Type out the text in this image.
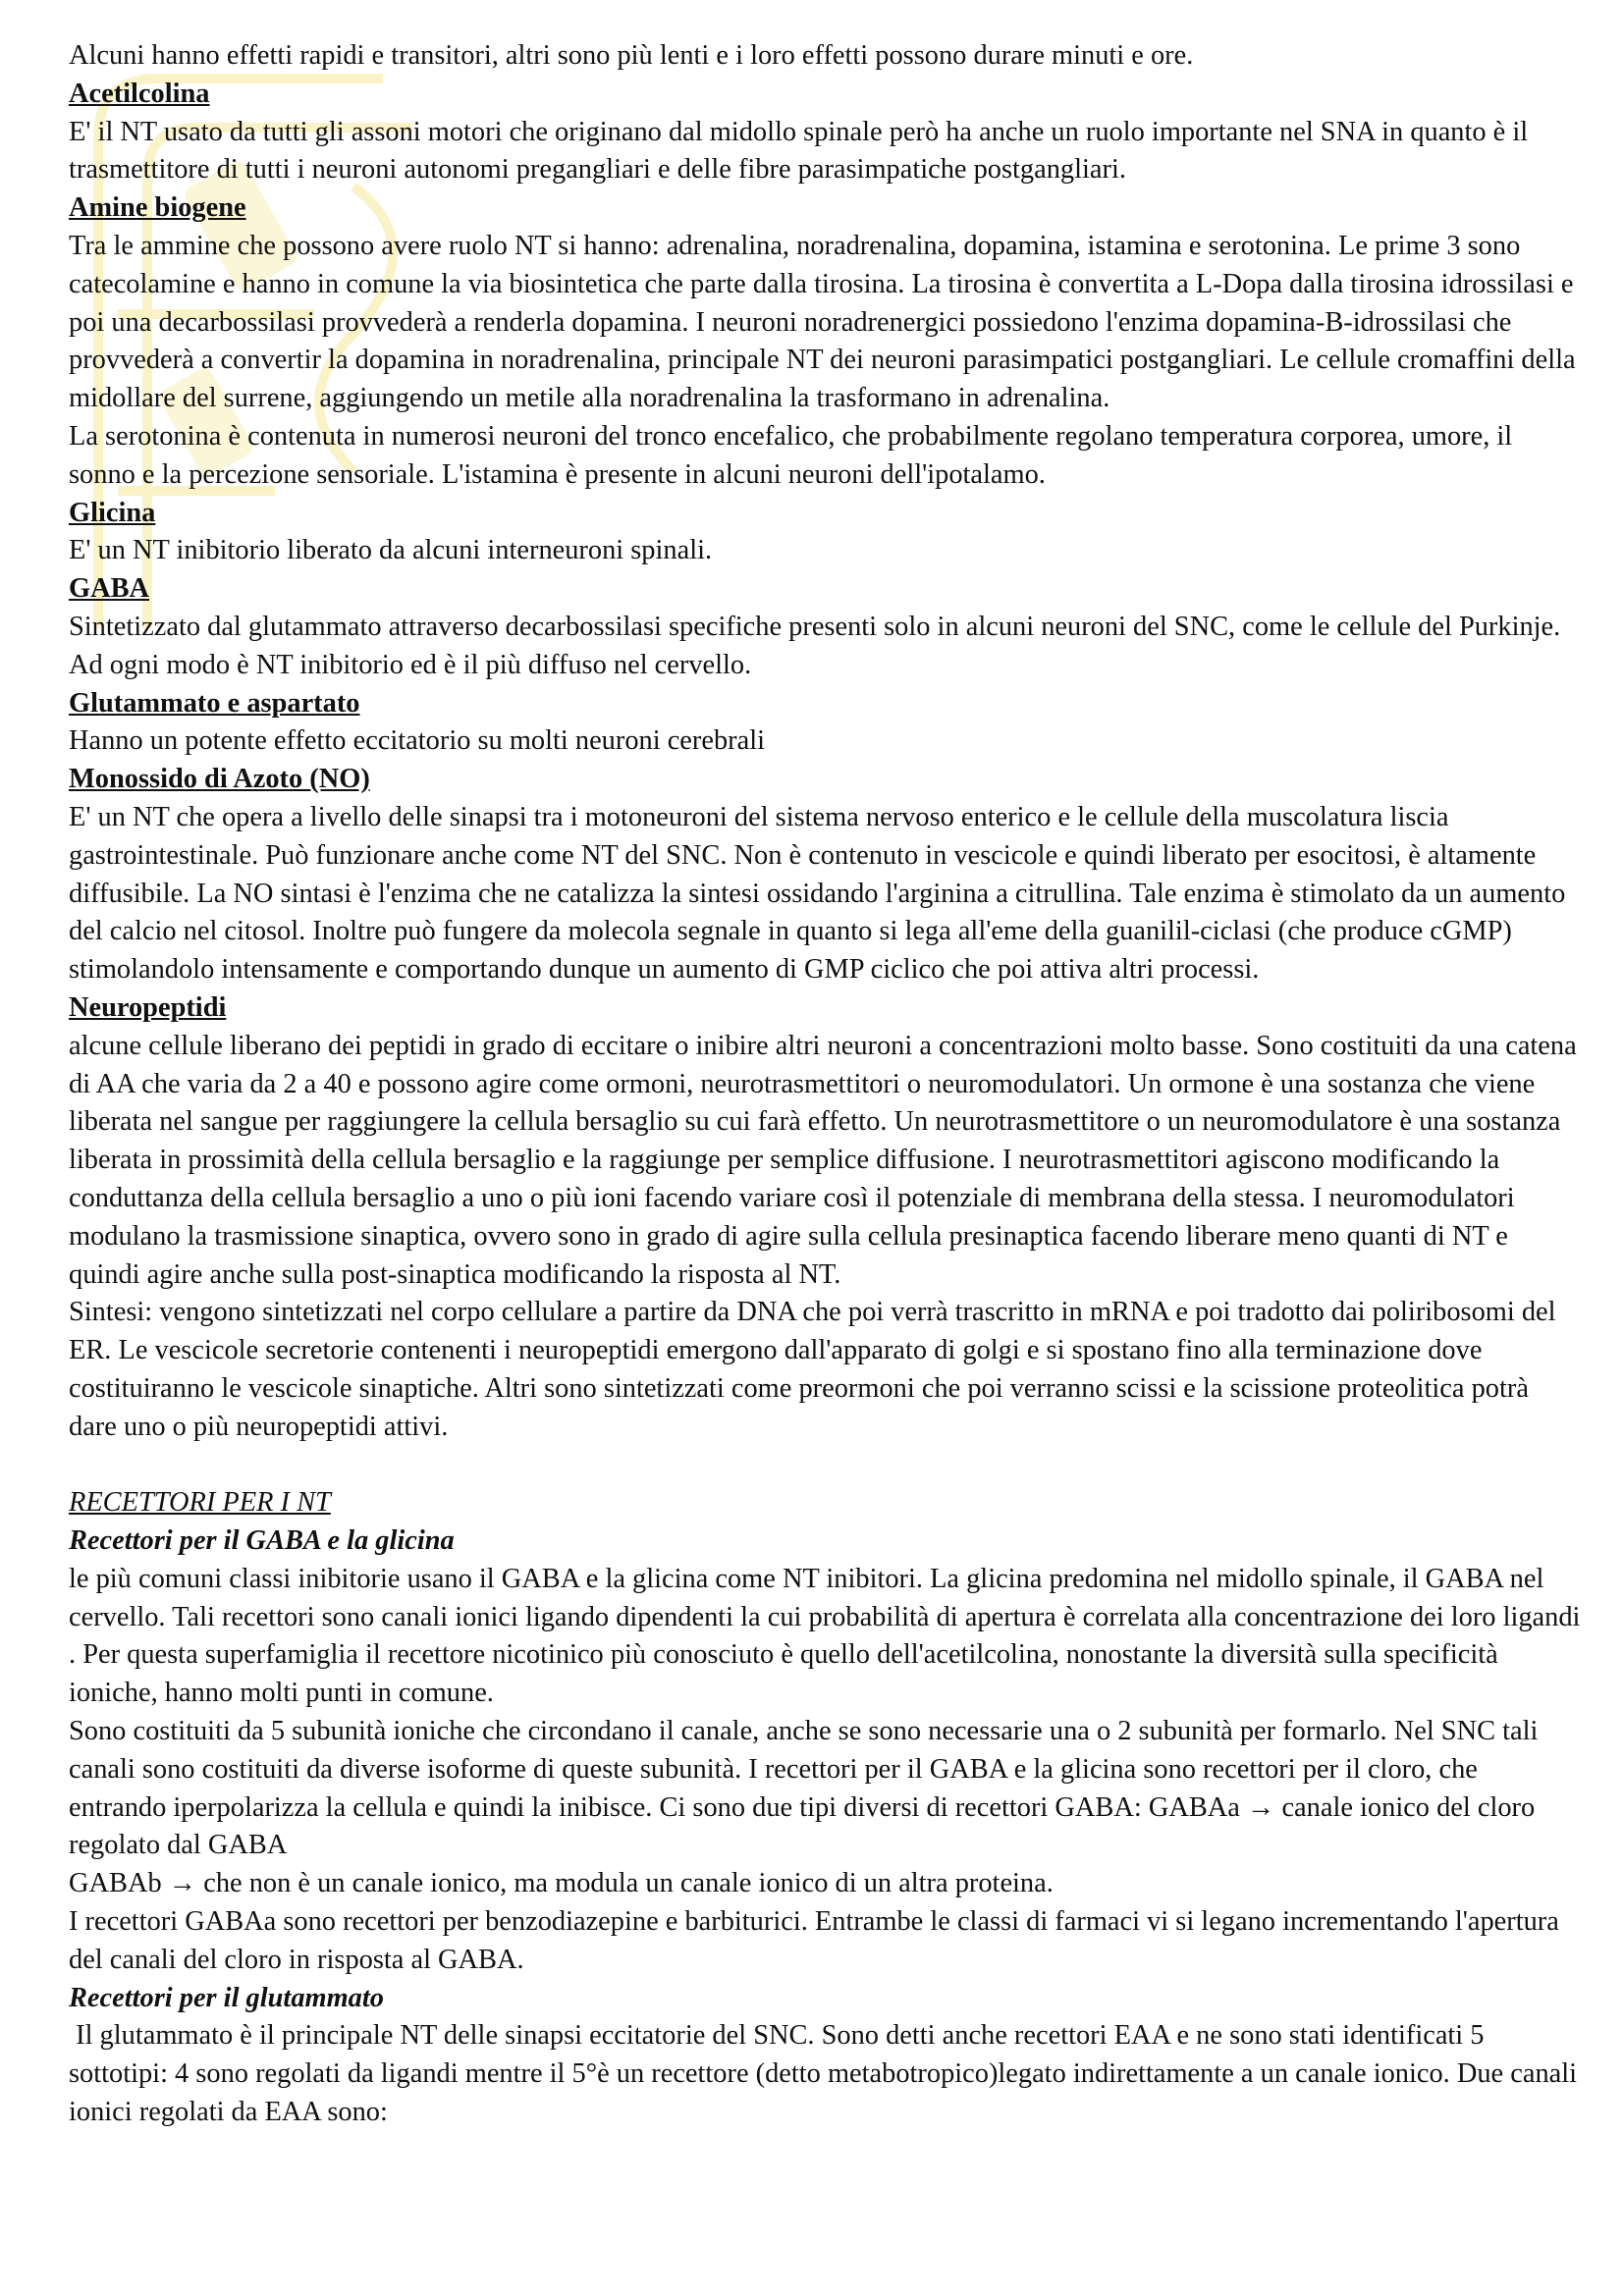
Alcuni hanno effetti rapidi e transitori, altri sono più lenti e i loro effetti possono durare minuti e ore.

Acetilcolina

E' il NT usato da tutti gli assoni motori che originano dal midollo spinale però ha anche un ruolo importante nel SNA in quanto è il trasmettitore di tutti i neuroni autonomi pregangliari e delle fibre parasimpatiche postgangliari.

Amine biogene

Tra le ammine che possono avere ruolo NT si hanno: adrenalina, noradrenalina, dopamina, istamina e serotonina. Le prime 3 sono catecolamine e hanno in comune la via biosintetica che parte dalla tirosina. La tirosina è convertita a L-Dopa dalla tirosina idrossilasi e poi una decarbossilasi provvederà a renderla dopamina. I neuroni noradrenergici possiedono l'enzima dopamina-B-idrossilasi che provvederà a convertir la dopamina in noradrenalina, principale NT dei neuroni parasimpatici postgangliari. Le cellule cromaffini della midollare del surrene, aggiungendo un metile alla noradrenalina la trasformano in adrenalina.

La serotonina è contenuta in numerosi neuroni del tronco encefalico, che probabilmente regolano temperatura corporea, umore, il sonno e la percezione sensoriale. L'istamina è presente in alcuni neuroni dell'ipotalamo.

Glicina

E' un NT inibitorio liberato da alcuni interneuroni spinali.

GABA

Sintetizzato dal glutammato attraverso decarbossilasi specifiche presenti solo in alcuni neuroni del SNC, come le cellule del Purkinje. Ad ogni modo è NT inibitorio ed è il più diffuso nel cervello.

Glutammato e aspartato

Hanno un potente effetto eccitatorio su molti neuroni cerebrali

Monossido di Azoto (NO)

E' un NT che opera a livello delle sinapsi tra i motoneuroni del sistema nervoso enterico e le cellule della muscolatura liscia gastrointestinale. Può funzionare anche come NT del SNC. Non è contenuto in vescicole e quindi liberato per esocitosi, è altamente diffusibile. La NO sintasi è l'enzima che ne catalizza la sintesi ossidando l'arginina a citrullina. Tale enzima è stimolato da un aumento del calcio nel citosol. Inoltre può fungere da molecola segnale in quanto si lega all'eme della guanilil-ciclasi (che produce cGMP) stimolandolo intensamente e comportando dunque un aumento di GMP ciclico che poi attiva altri processi.

Neuropeptidi

alcune cellule liberano dei peptidi in grado di eccitare o inibire altri neuroni a concentrazioni molto basse. Sono costituiti da una catena di AA che varia da 2 a 40 e possono agire come ormoni, neurotrasmettitori o neuromodulatori. Un ormone è una sostanza che viene liberata nel sangue per raggiungere la cellula bersaglio su cui farà effetto. Un neurotrasmettitore o un neuromodulatore è una sostanza liberata in prossimità della cellula bersaglio e la raggiunge per semplice diffusione. I neurotrasmettitori agiscono modificando la conduttanza della cellula bersaglio a uno o più ioni facendo variare così il potenziale di membrana della stessa. I neuromodulatori modulano la trasmissione sinaptica, ovvero sono in grado di agire sulla cellula presinaptica facendo liberare meno quanti di NT e quindi agire anche sulla post-sinaptica modificando la risposta al NT.

Sintesi: vengono sintetizzati nel corpo cellulare a partire da DNA che poi verrà trascritto in mRNA e poi tradotto dai poliribosomi del ER. Le vescicole secretorie contenenti i neuropeptidi emergono dall'apparato di golgi e si spostano fino alla terminazione dove costituiranno le vescicole sinaptiche. Altri sono sintetizzati come preormoni che poi verranno scissi e la scissione proteolitica potrà dare uno o più neuropeptidi attivi.

RECETTORI PER I NT
Recettori per il GABA e la glicina

le più comuni classi inibitorie usano il GABA e la glicina come NT inibitori. La glicina predomina nel midollo spinale, il GABA nel cervello. Tali recettori sono canali ionici ligando dipendenti la cui probabilità di apertura è correlata alla concentrazione dei loro ligandi . Per questa superfamiglia il recettore nicotinico più conosciuto è quello dell'acetilcolina, nonostante la diversità sulla specificità ioniche, hanno molti punti in comune.

Sono costituiti da 5 subunità ioniche che circondano il canale, anche se sono necessarie una o 2 subunità per formarlo. Nel SNC tali canali sono costituiti da diverse isoforme di queste subunità. I recettori per il GABA e la glicina sono recettori per il cloro, che entrando iperpolarizza la cellula e quindi la inibisce. Ci sono due tipi diversi di recettori GABA: GABAa → canale ionico del cloro regolato dal GABA

GABAb → che non è un canale ionico, ma modula un canale ionico di un altra proteina.

I recettori GABAa sono recettori per benzodiazepine e barbiturici. Entrambe le classi di farmaci vi si legano incrementando l'apertura del canali del cloro in risposta al GABA.

Recettori per il glutammato

Il glutammato è il principale NT delle sinapsi eccitatorie del SNC. Sono detti anche recettori EAA e ne sono stati identificati 5 sottotipi: 4 sono regolati da ligandi mentre il 5°è un recettore (detto metabotropico)legato indirettamente a un canale ionico. Due canali ionici regolati da EAA sono:
